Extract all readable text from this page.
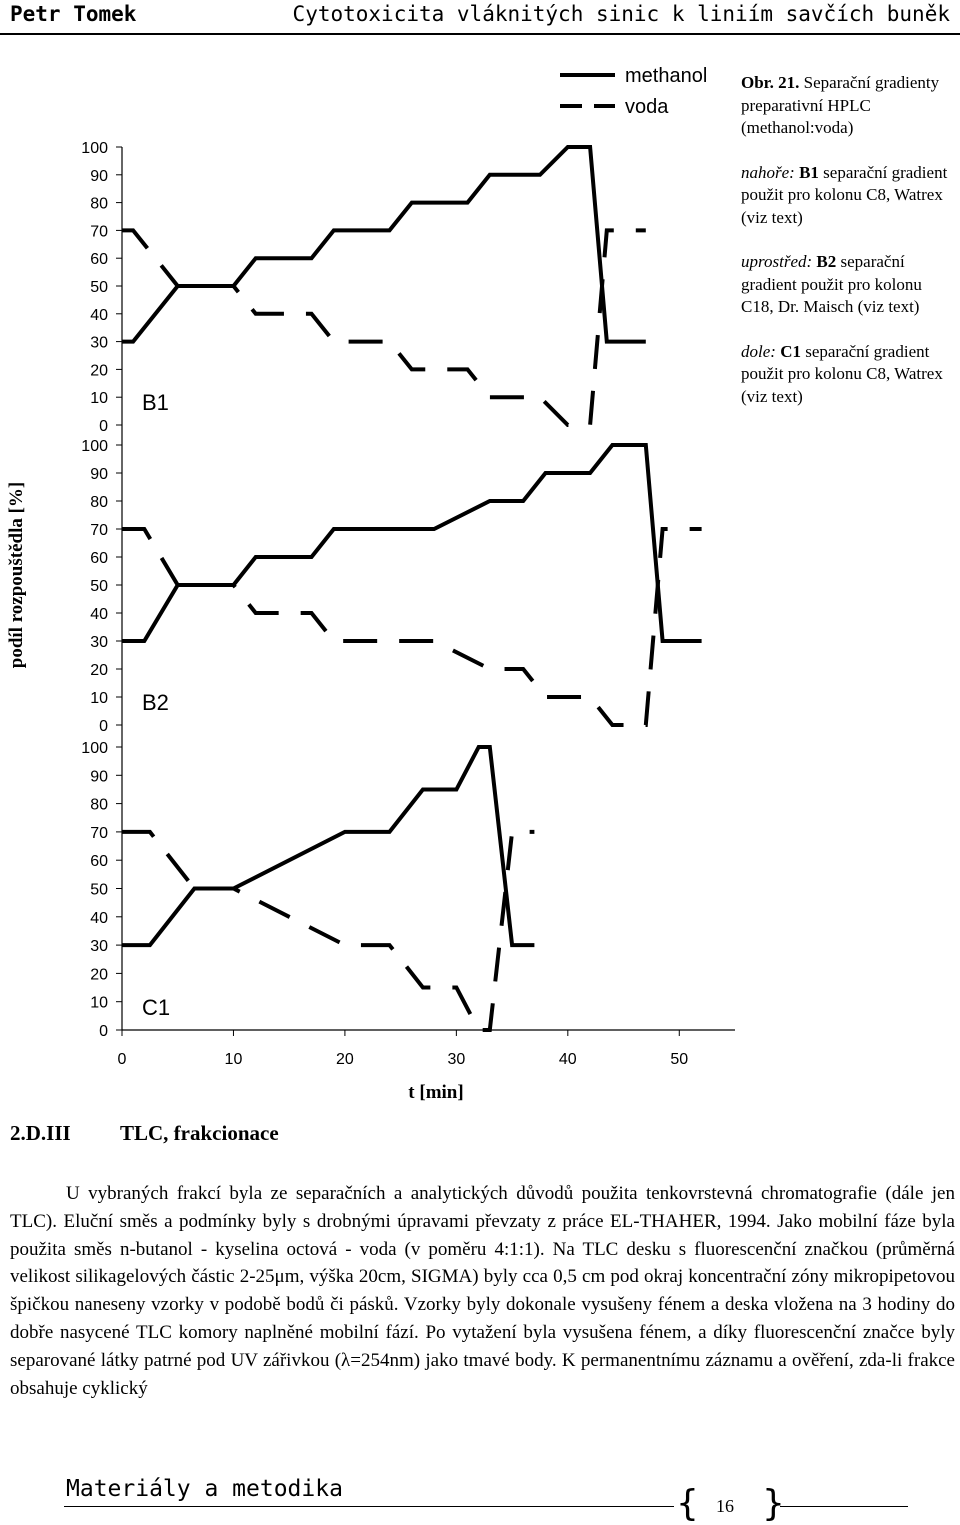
Petr Tomek	Cytotoxicita vláknitých sinic k liniím savčích buněk
0
10
20
30
40
50
60
70
80
90
100
0
10
20
30
40
50
60
70
80
90
100
0
10
20
30
40
50
60
70
80
90
100
0	10	20	30	40	50
methanol
voda
podíl rozpouštědla [%]
t [min]
B1
B2
C1

Obr. 21. Separační gradienty preparativní HPLC (methanol:voda)

nahoře: B1 separační gradient použit pro kolonu C8, Watrex (viz text)

uprostřed: B2 separační gradient použit pro kolonu C18, Dr. Maisch (viz text)

dole: C1 separační gradient použit pro kolonu C8, Watrex (viz text)

2.D.III TLC, frakcionace

U vybraných frakcí byla ze separačních a analytických důvodů použita tenkovrstevná chromatografie (dále jen TLC). Eluční směs a podmínky byly s drobnými úpravami převzaty z práce EL-THAHER, 1994. Jako mobilní fáze byla použita směs n-butanol - kyselina octová - voda (v poměru 4:1:1). Na TLC desku s fluorescenční značkou (průměrná velikost silikagelových částic 2-25μm, výška 20cm, SIGMA) byly cca 0,5 cm pod okraj koncentrační zóny mikropipetovou špičkou naneseny vzorky v podobě bodů či pásků. Vzorky byly dokonale vysušeny fénem a deska vložena na 3 hodiny do dobře nasycené TLC komory naplněné mobilní fází. Po vytažení byla vysušena fénem, a díky fluorescenční značce byly separované látky patrné pod UV zářivkou (λ=254nm) jako tmavé body. K permanentnímu záznamu a ověření, zda-li frakce obsahuje cyklický

Materiály a metodika	{ 16 }
